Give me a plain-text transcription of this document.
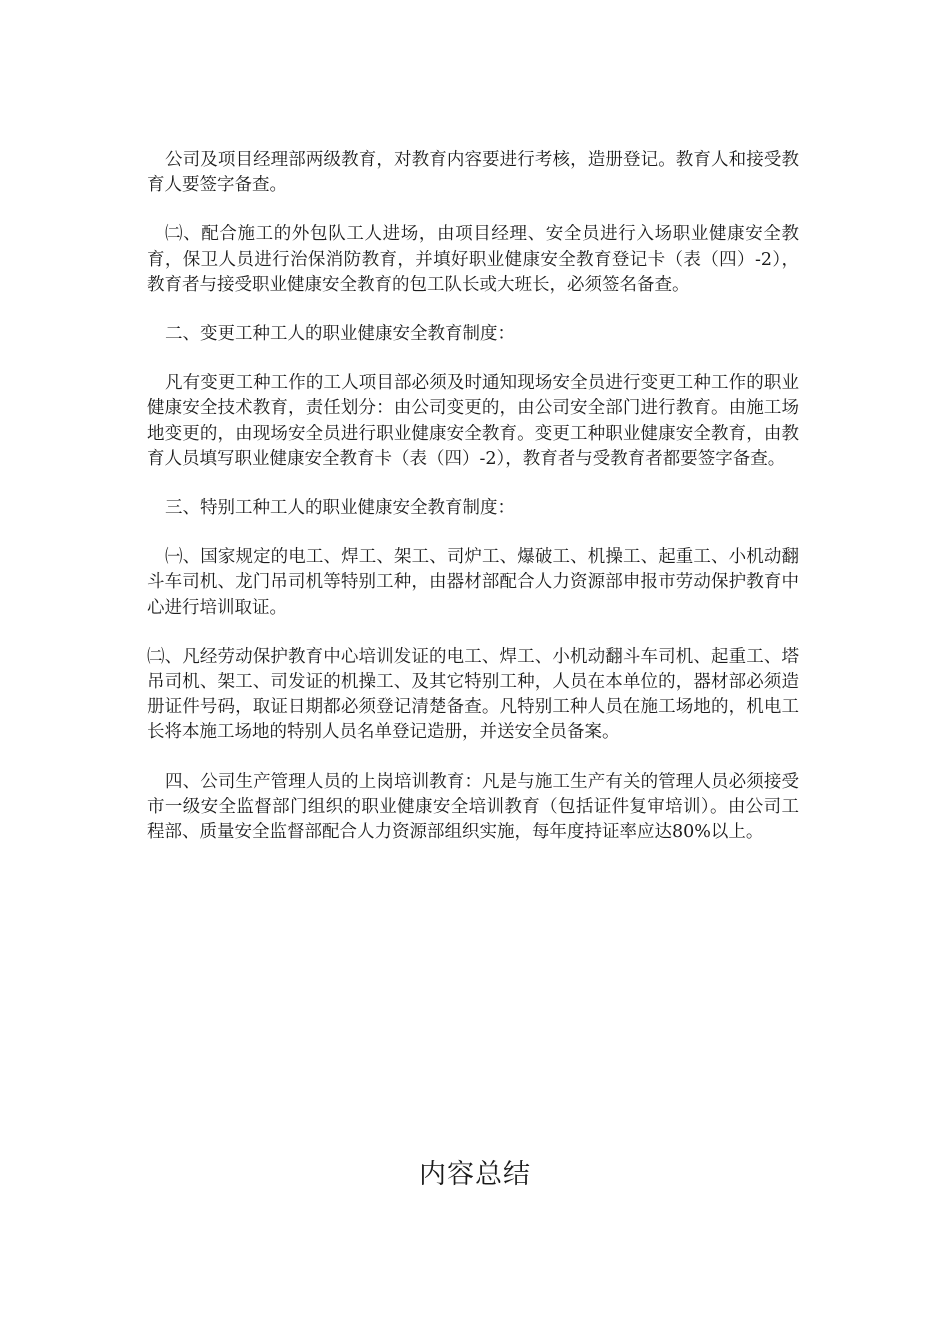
公司及项目经理部两级教育，对教育内容要进行考核，造册登记。教育人和接受教育人要签字备查。

㈡、配合施工的外包队工人进场，由项目经理、安全员进行入场职业健康安全教育，保卫人员进行治保消防教育，并填好职业健康安全教育登记卡（表（四）-2），教育者与接受职业健康安全教育的包工队长或大班长，必须签名备查。

二、变更工种工人的职业健康安全教育制度：

凡有变更工种工作的工人项目部必须及时通知现场安全员进行变更工种工作的职业健康安全技术教育，责任划分：由公司变更的，由公司安全部门进行教育。由施工场地变更的，由现场安全员进行职业健康安全教育。变更工种职业健康安全教育，由教育人员填写职业健康安全教育卡（表（四）-2），教育者与受教育者都要签字备查。

三、特别工种工人的职业健康安全教育制度：

㈠、国家规定的电工、焊工、架工、司炉工、爆破工、机操工、起重工、小机动翻斗车司机、龙门吊司机等特别工种，由器材部配合人力资源部申报市劳动保护教育中心进行培训取证。

㈡、凡经劳动保护教育中心培训发证的电工、焊工、小机动翻斗车司机、起重工、塔吊司机、架工、司发证的机操工、及其它特别工种，人员在本单位的，器材部必须造册证件号码，取证日期都必须登记清楚备查。凡特别工种人员在施工场地的，机电工长将本施工场地的特别人员名单登记造册，并送安全员备案。

四、公司生产管理人员的上岗培训教育：凡是与施工生产有关的管理人员必须接受市一级安全监督部门组织的职业健康安全培训教育（包括证件复审培训）。由公司工程部、质量安全监督部配合人力资源部组织实施，每年度持证率应达80%以上。

内容总结
